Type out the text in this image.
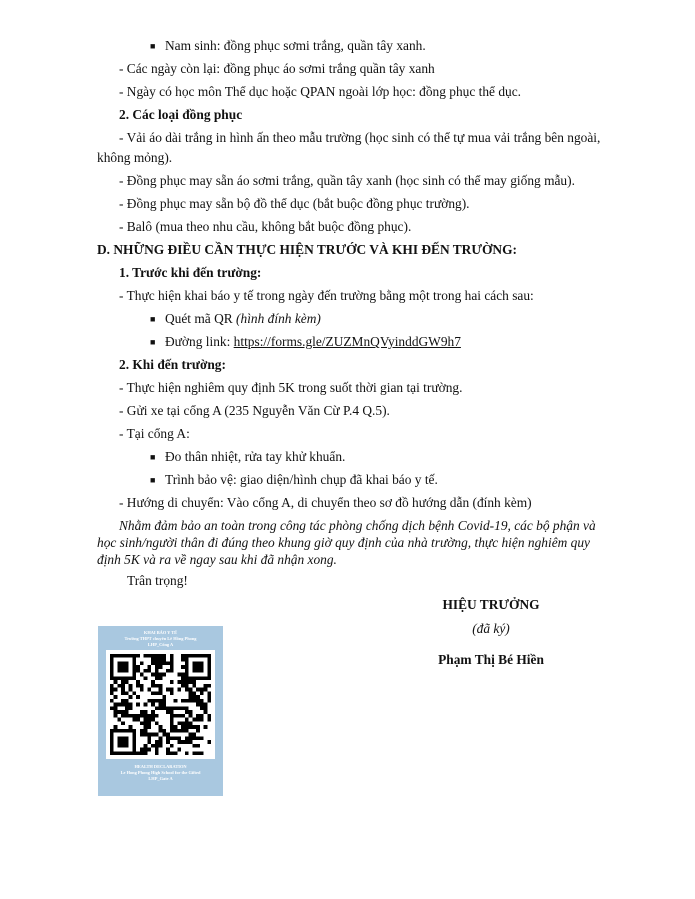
■ Nam sinh: đồng phục sơmi trắng, quần tây xanh.
- Các ngày còn lại: đồng phục áo sơmi trắng quần tây xanh
- Ngày có học môn Thể dục hoặc QPAN ngoài lớp học: đồng phục thể dục.
2. Các loại đồng phục
- Vải áo dài trắng in hình ấn theo mẫu trường (học sinh có thể tự mua vải trắng bên ngoài,
không mỏng).
- Đồng phục may sẵn áo sơmi trắng, quần tây xanh (học sinh có thể may giống mẫu).
- Đồng phục may sẵn bộ đồ thể dục (bắt buộc đồng phục trường).
- Balô (mua theo nhu cầu, không bắt buộc đồng phục).
D. NHỮNG ĐIỀU CẦN THỰC HIỆN TRƯỚC VÀ KHI ĐẾN TRƯỜNG:
1. Trước khi đến trường:
- Thực hiện khai báo y tế trong ngày đến trường bằng một trong hai cách sau:
■ Quét mã QR (hình đính kèm)
■ Đường link: https://forms.gle/ZUZMnQVyinddGW9h7
2. Khi đến trường:
- Thực hiện nghiêm quy định 5K trong suốt thời gian tại trường.
- Gửi xe tại cổng A (235 Nguyễn Văn Cừ P.4 Q.5).
- Tại cổng A:
■ Đo thân nhiệt, rửa tay khử khuẩn.
■ Trình bảo vệ: giao diện/hình chụp đã khai báo y tế.
- Hướng di chuyển: Vào cổng A, di chuyển theo sơ đồ hướng dẫn (đính kèm)
Nhằm đảm bảo an toàn trong công tác phòng chống dịch bệnh Covid-19, các bộ phận và
học sinh/người thân đi đúng theo khung giờ quy định của nhà trường, thực hiện nghiêm quy
định 5K và ra về ngay sau khi đã nhận xong.
Trân trọng!
HIỆU TRƯỞNG
(đã ký)
Phạm Thị Bé Hiền
KHAI BÁO Y TẾ
Trường THPT chuyên Lê Hồng Phong
LHP_Cổng A
HEALTH DECLARATION
Le Hong Phong High School for the Gifted
LHP_Gate A
